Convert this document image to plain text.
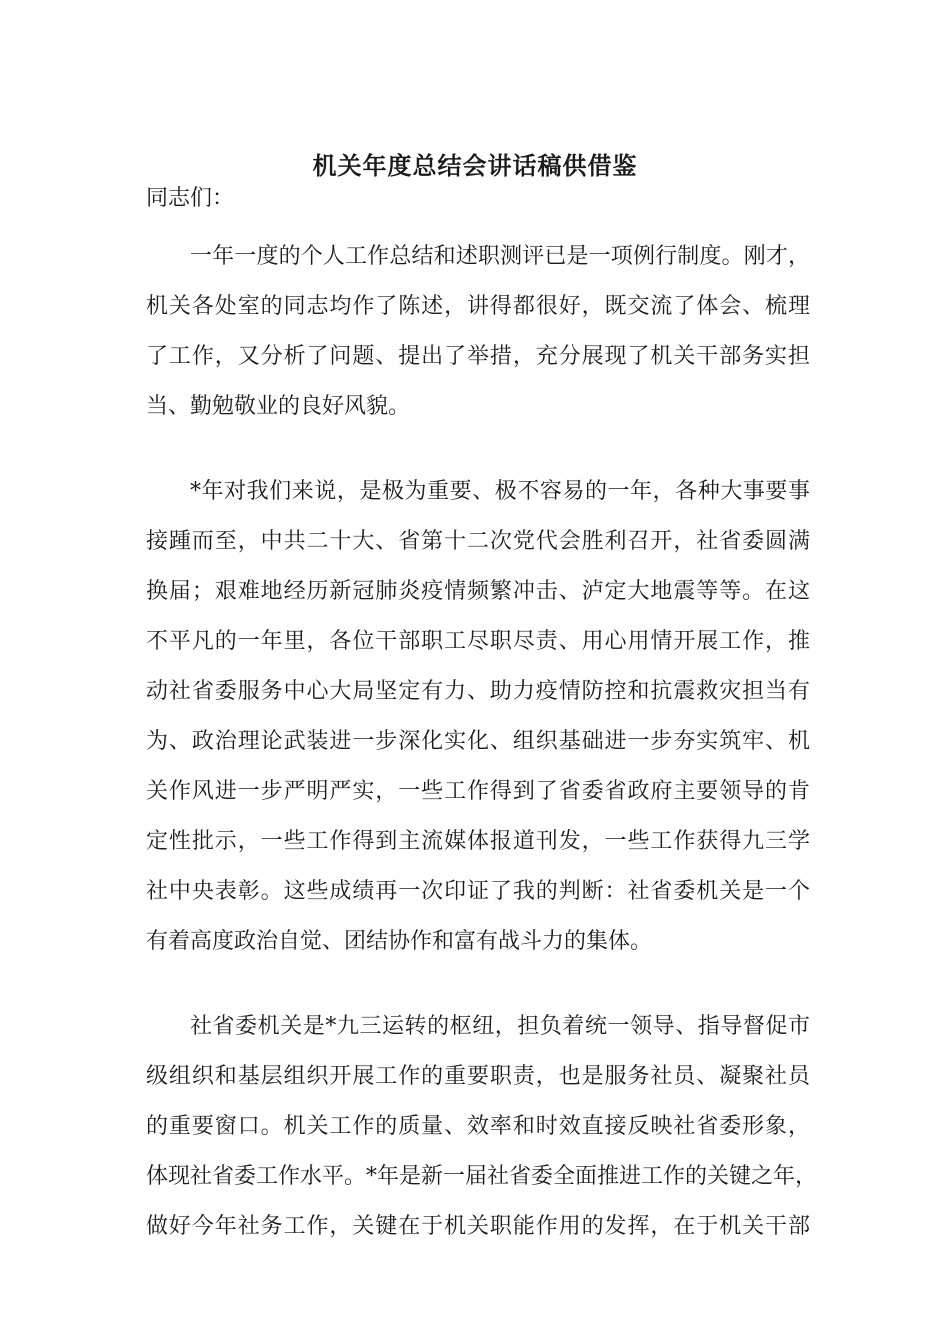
机关年度总结会讲话稿供借鉴
同志们：
一年一度的个人工作总结和述职测评已是一项例行制度。刚才，
机关各处室的同志均作了陈述，讲得都很好，既交流了体会、梳理
了工作，又分析了问题、提出了举措，充分展现了机关干部务实担
当、勤勉敬业的良好风貌。
*年对我们来说，是极为重要、极不容易的一年，各种大事要事
接踵而至，中共二十大、省第十二次党代会胜利召开，社省委圆满
换届；艰难地经历新冠肺炎疫情频繁冲击、泸定大地震等等。在这
不平凡的一年里，各位干部职工尽职尽责、用心用情开展工作，推
动社省委服务中心大局坚定有力、助力疫情防控和抗震救灾担当有
为、政治理论武装进一步深化实化、组织基础进一步夯实筑牢、机
关作风进一步严明严实，一些工作得到了省委省政府主要领导的肯
定性批示，一些工作得到主流媒体报道刊发，一些工作获得九三学
社中央表彰。这些成绩再一次印证了我的判断：社省委机关是一个
有着高度政治自觉、团结协作和富有战斗力的集体。
社省委机关是*九三运转的枢纽，担负着统一领导、指导督促市
级组织和基层组织开展工作的重要职责，也是服务社员、凝聚社员
的重要窗口。机关工作的质量、效率和时效直接反映社省委形象，
体现社省委工作水平。*年是新一届社省委全面推进工作的关键之年，
做好今年社务工作，关键在于机关职能作用的发挥，在于机关干部
